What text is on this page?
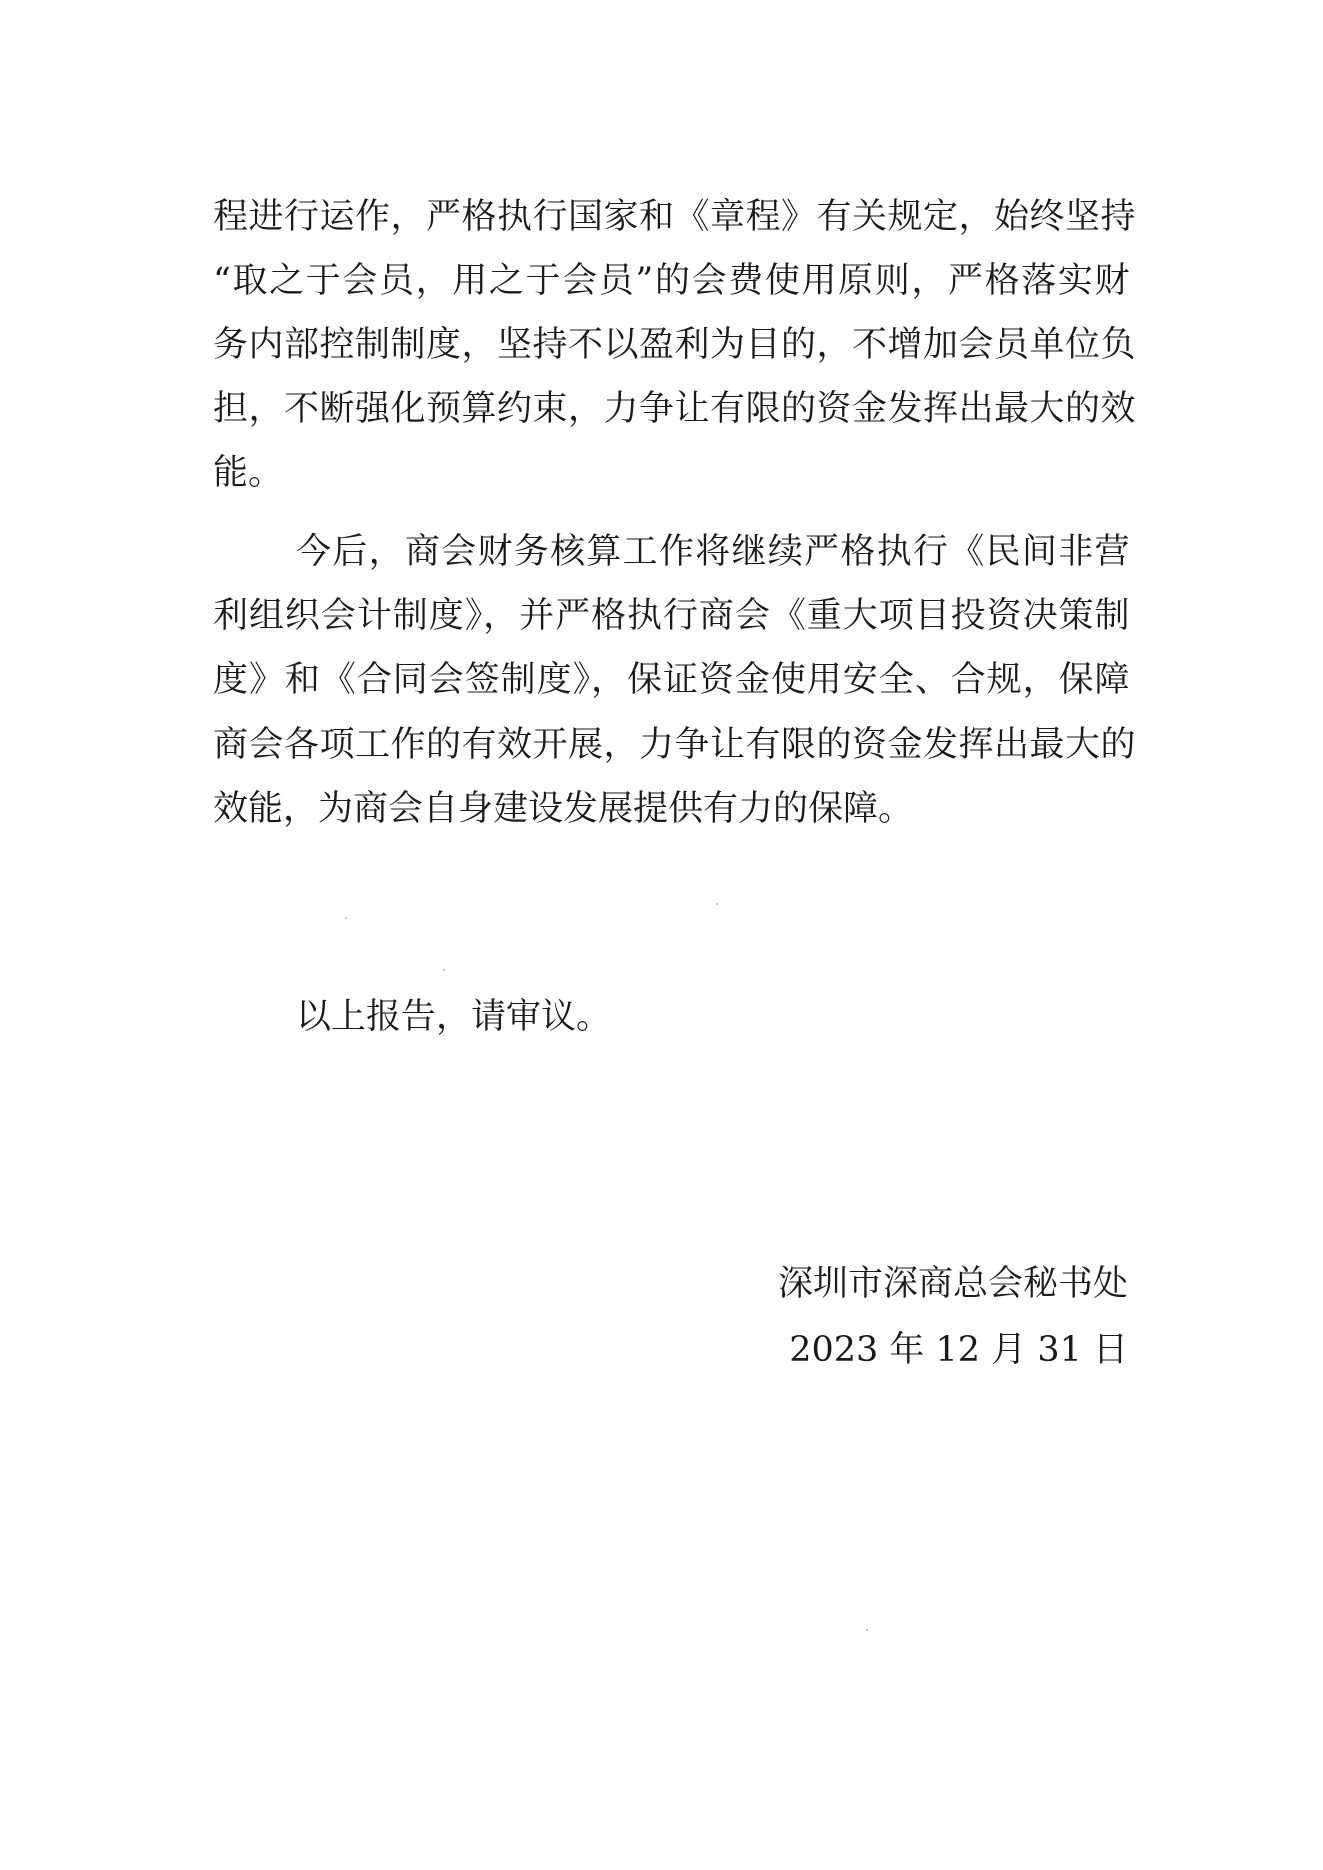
程进行运作，严格执行国家和《章程》有关规定，始终坚持
“取之于会员，用之于会员”的会费使用原则，严格落实财
务内部控制制度，坚持不以盈利为目的，不增加会员单位负
担，不断强化预算约束，力争让有限的资金发挥出最大的效
能。
今后，商会财务核算工作将继续严格执行《民间非营
利组织会计制度》，并严格执行商会《重大项目投资决策制
度》和《合同会签制度》，保证资金使用安全、合规，保障
商会各项工作的有效开展，力争让有限的资金发挥出最大的
效能，为商会自身建设发展提供有力的保障。
以上报告，请审议。
深圳市深商总会秘书处
2023 年 12 月 31 日
